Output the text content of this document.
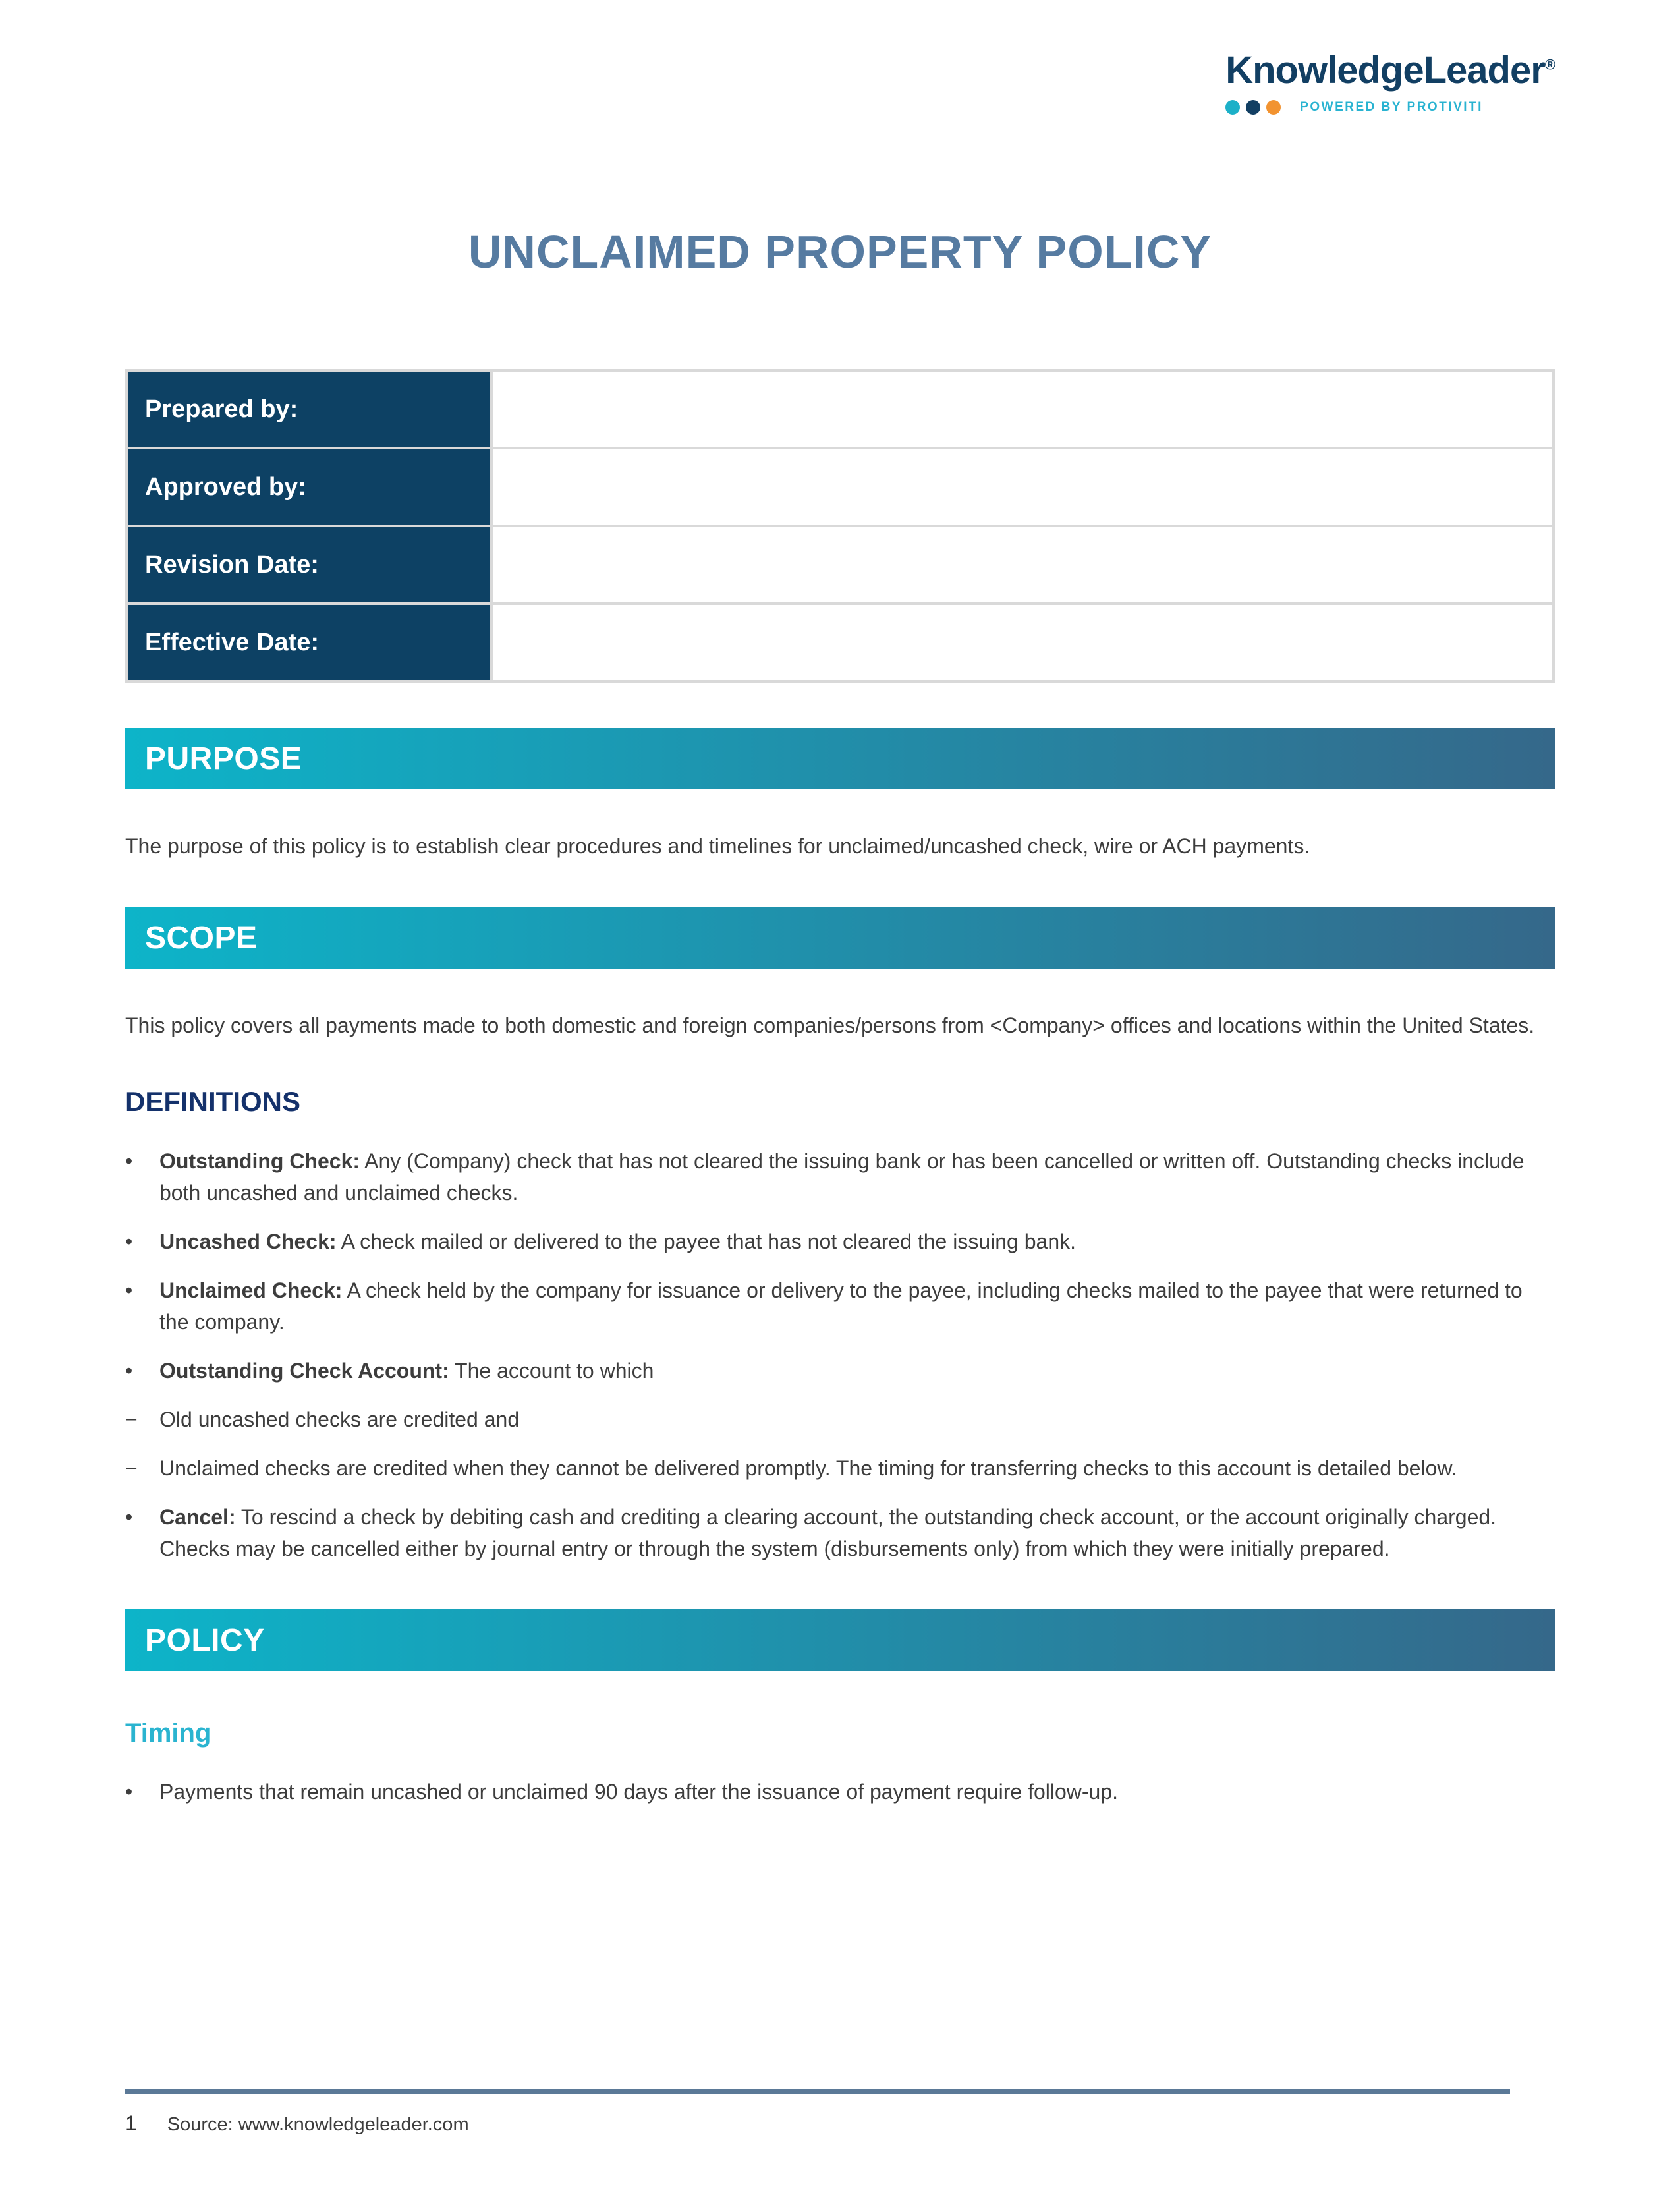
KnowledgeLeader®
POWERED BY PROTIVITI
UNCLAIMED PROPERTY POLICY
Prepared by:	
Approved by:	
Revision Date:	
Effective Date:	
PURPOSE

The purpose of this policy is to establish clear procedures and timelines for unclaimed/uncashed check, wire or ACH payments.

SCOPE

This policy covers all payments made to both domestic and foreign companies/persons from <Company> offices and locations within the United States.

DEFINITIONS
•	Outstanding Check: Any (Company) check that has not cleared the issuing bank or has been cancelled or written off. Outstanding checks include both uncashed and unclaimed checks.
•	Uncashed Check: A check mailed or delivered to the payee that has not cleared the issuing bank.
•	Unclaimed Check: A check held by the company for issuance or delivery to the payee, including checks mailed to the payee that were returned to the company.
•	Outstanding Check Account: The account to which
−	Old uncashed checks are credited and
−	Unclaimed checks are credited when they cannot be delivered promptly. The timing for transferring checks to this account is detailed below.
•	Cancel: To rescind a check by debiting cash and crediting a clearing account, the outstanding check account, or the account originally charged. Checks may be cancelled either by journal entry or through the system (disbursements only) from which they were initially prepared.
POLICY
Timing
•	Payments that remain uncashed or unclaimed 90 days after the issuance of payment require follow-up.
1 Source: www.knowledgeleader.com
